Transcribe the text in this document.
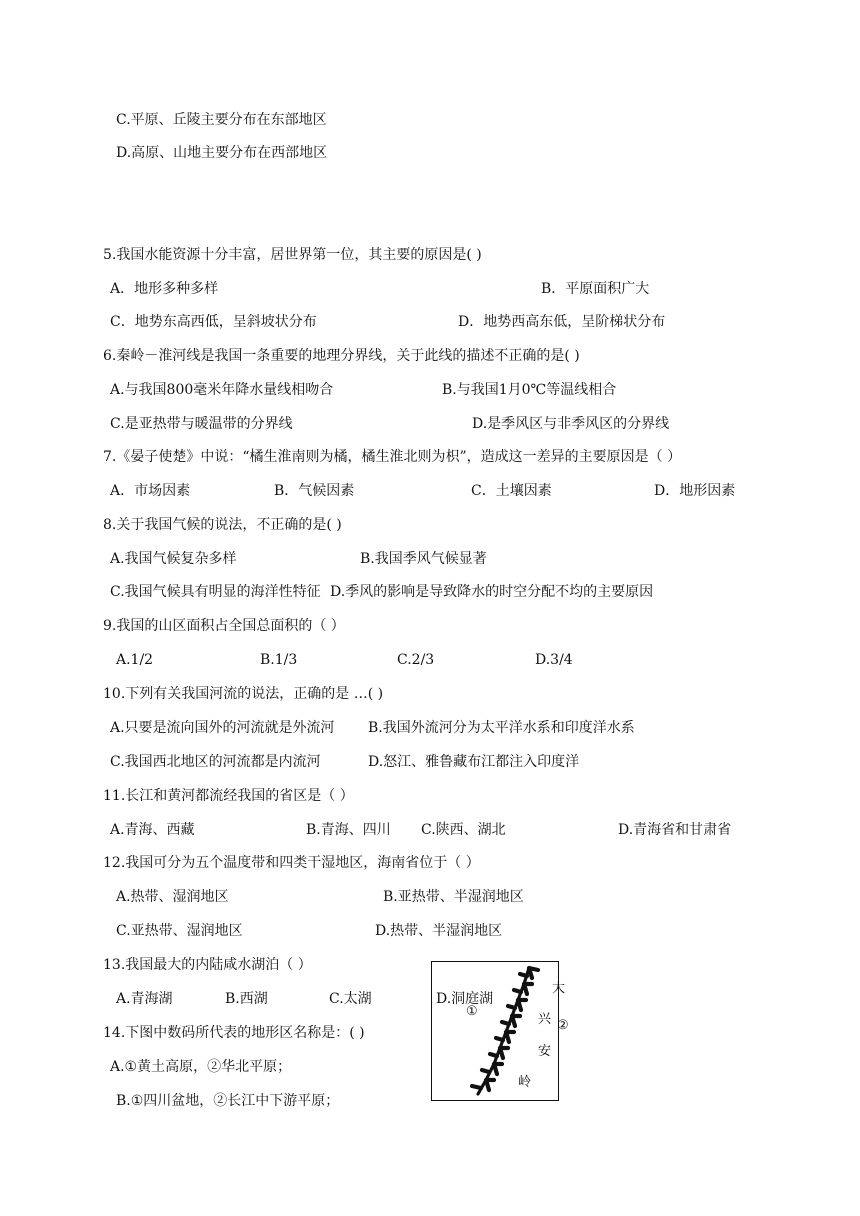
C.平原、丘陵主要分布在东部地区
D.高原、山地主要分布在西部地区
5.我国水能资源十分丰富，居世界第一位，其主要的原因是( )
A．地形多种多样	B．平原面积广大
C．地势东高西低，呈斜坡状分布	D．地势西高东低，呈阶梯状分布
6.秦岭－淮河线是我国一条重要的地理分界线，关于此线的描述不正确的是( )
A.与我国800毫米年降水量线相吻合	B.与我国1月0℃等温线相合
C.是亚热带与暖温带的分界线	D.是季风区与非季风区的分界线
7.《晏子使楚》中说：“橘生淮南则为橘，橘生淮北则为枳”，造成这一差异的主要原因是（ ）
A．市场因素	B．气候因素	C．土壤因素	D．地形因素
8.关于我国气候的说法，不正确的是( )
A.我国气候复杂多样	B.我国季风气候显著
C.我国气候具有明显的海洋性特征 D.季风的影响是导致降水的时空分配不均的主要原因
9.我国的山区面积占全国总面积的（ ）
A.1/2	B.1/3	C.2/3	D.3/4
10.下列有关我国河流的说法，正确的是 …( )
A.只要是流向国外的河流就是外流河 B.我国外流河分为太平洋水系和印度洋水系
C.我国西北地区的河流都是内流河	D.怒江、雅鲁藏布江都注入印度洋
11.长江和黄河都流经我国的省区是（ ）
A.青海、西藏	B.青海、四川 C.陕西、湖北	D.青海省和甘肃省
12.我国可分为五个温度带和四类干湿地区，海南省位于（ ）
A.热带、湿润地区	B.亚热带、半湿润地区
C.亚热带、湿润地区	D.热带、半湿润地区
13.我国最大的内陆咸水湖泊（ ）
A.青海湖	B.西湖	C.太湖	D.洞庭湖
14.下图中数码所代表的地形区名称是：( )
A.①黄土高原，②华北平原；
B.①四川盆地，②长江中下游平原；
①
②
大
兴
安
岭
